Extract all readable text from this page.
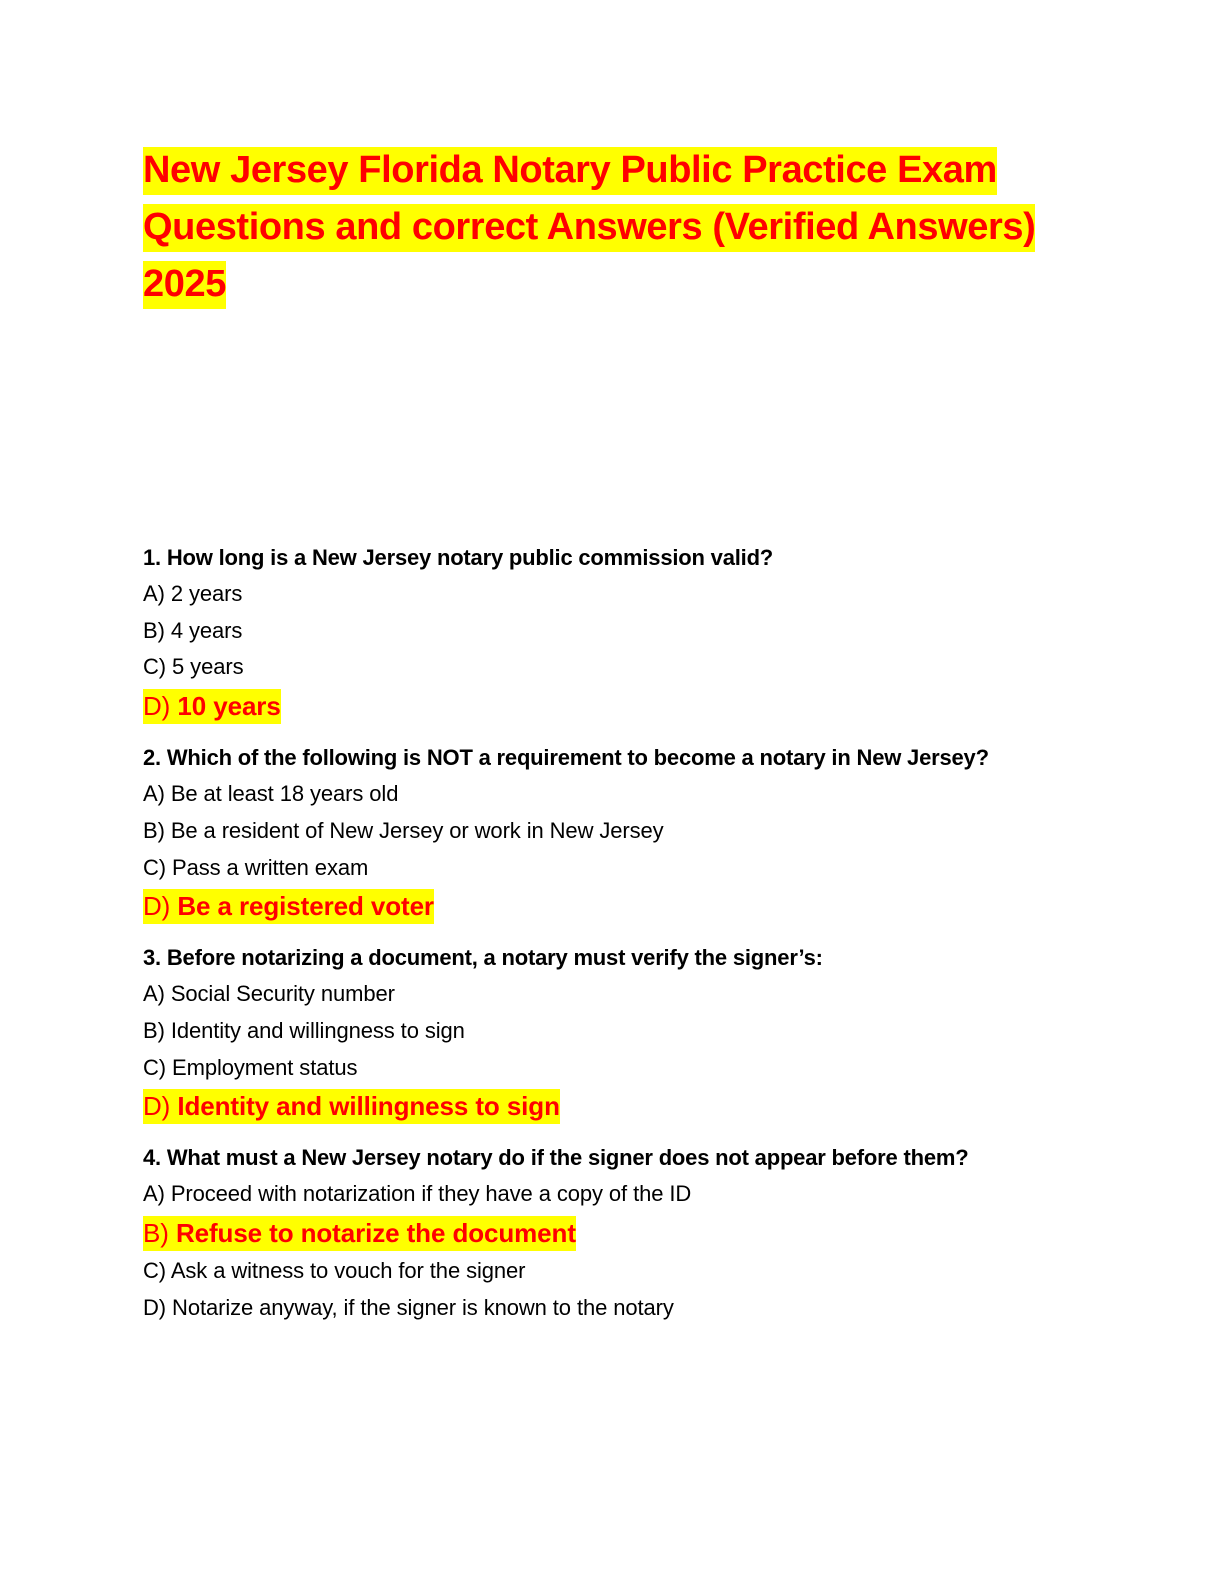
New Jersey Florida Notary Public Practice Exam
Questions and correct Answers (Verified Answers)
2025

1. How long is a New Jersey notary public commission valid?

A) 2 years

B) 4 years

C) 5 years

D) 10 years

2. Which of the following is NOT a requirement to become a notary in New Jersey?

A) Be at least 18 years old

B) Be a resident of New Jersey or work in New Jersey

C) Pass a written exam

D) Be a registered voter

3. Before notarizing a document, a notary must verify the signer’s:

A) Social Security number

B) Identity and willingness to sign

C) Employment status

D) Identity and willingness to sign

4. What must a New Jersey notary do if the signer does not appear before them?

A) Proceed with notarization if they have a copy of the ID

B) Refuse to notarize the document

C) Ask a witness to vouch for the signer

D) Notarize anyway, if the signer is known to the notary
